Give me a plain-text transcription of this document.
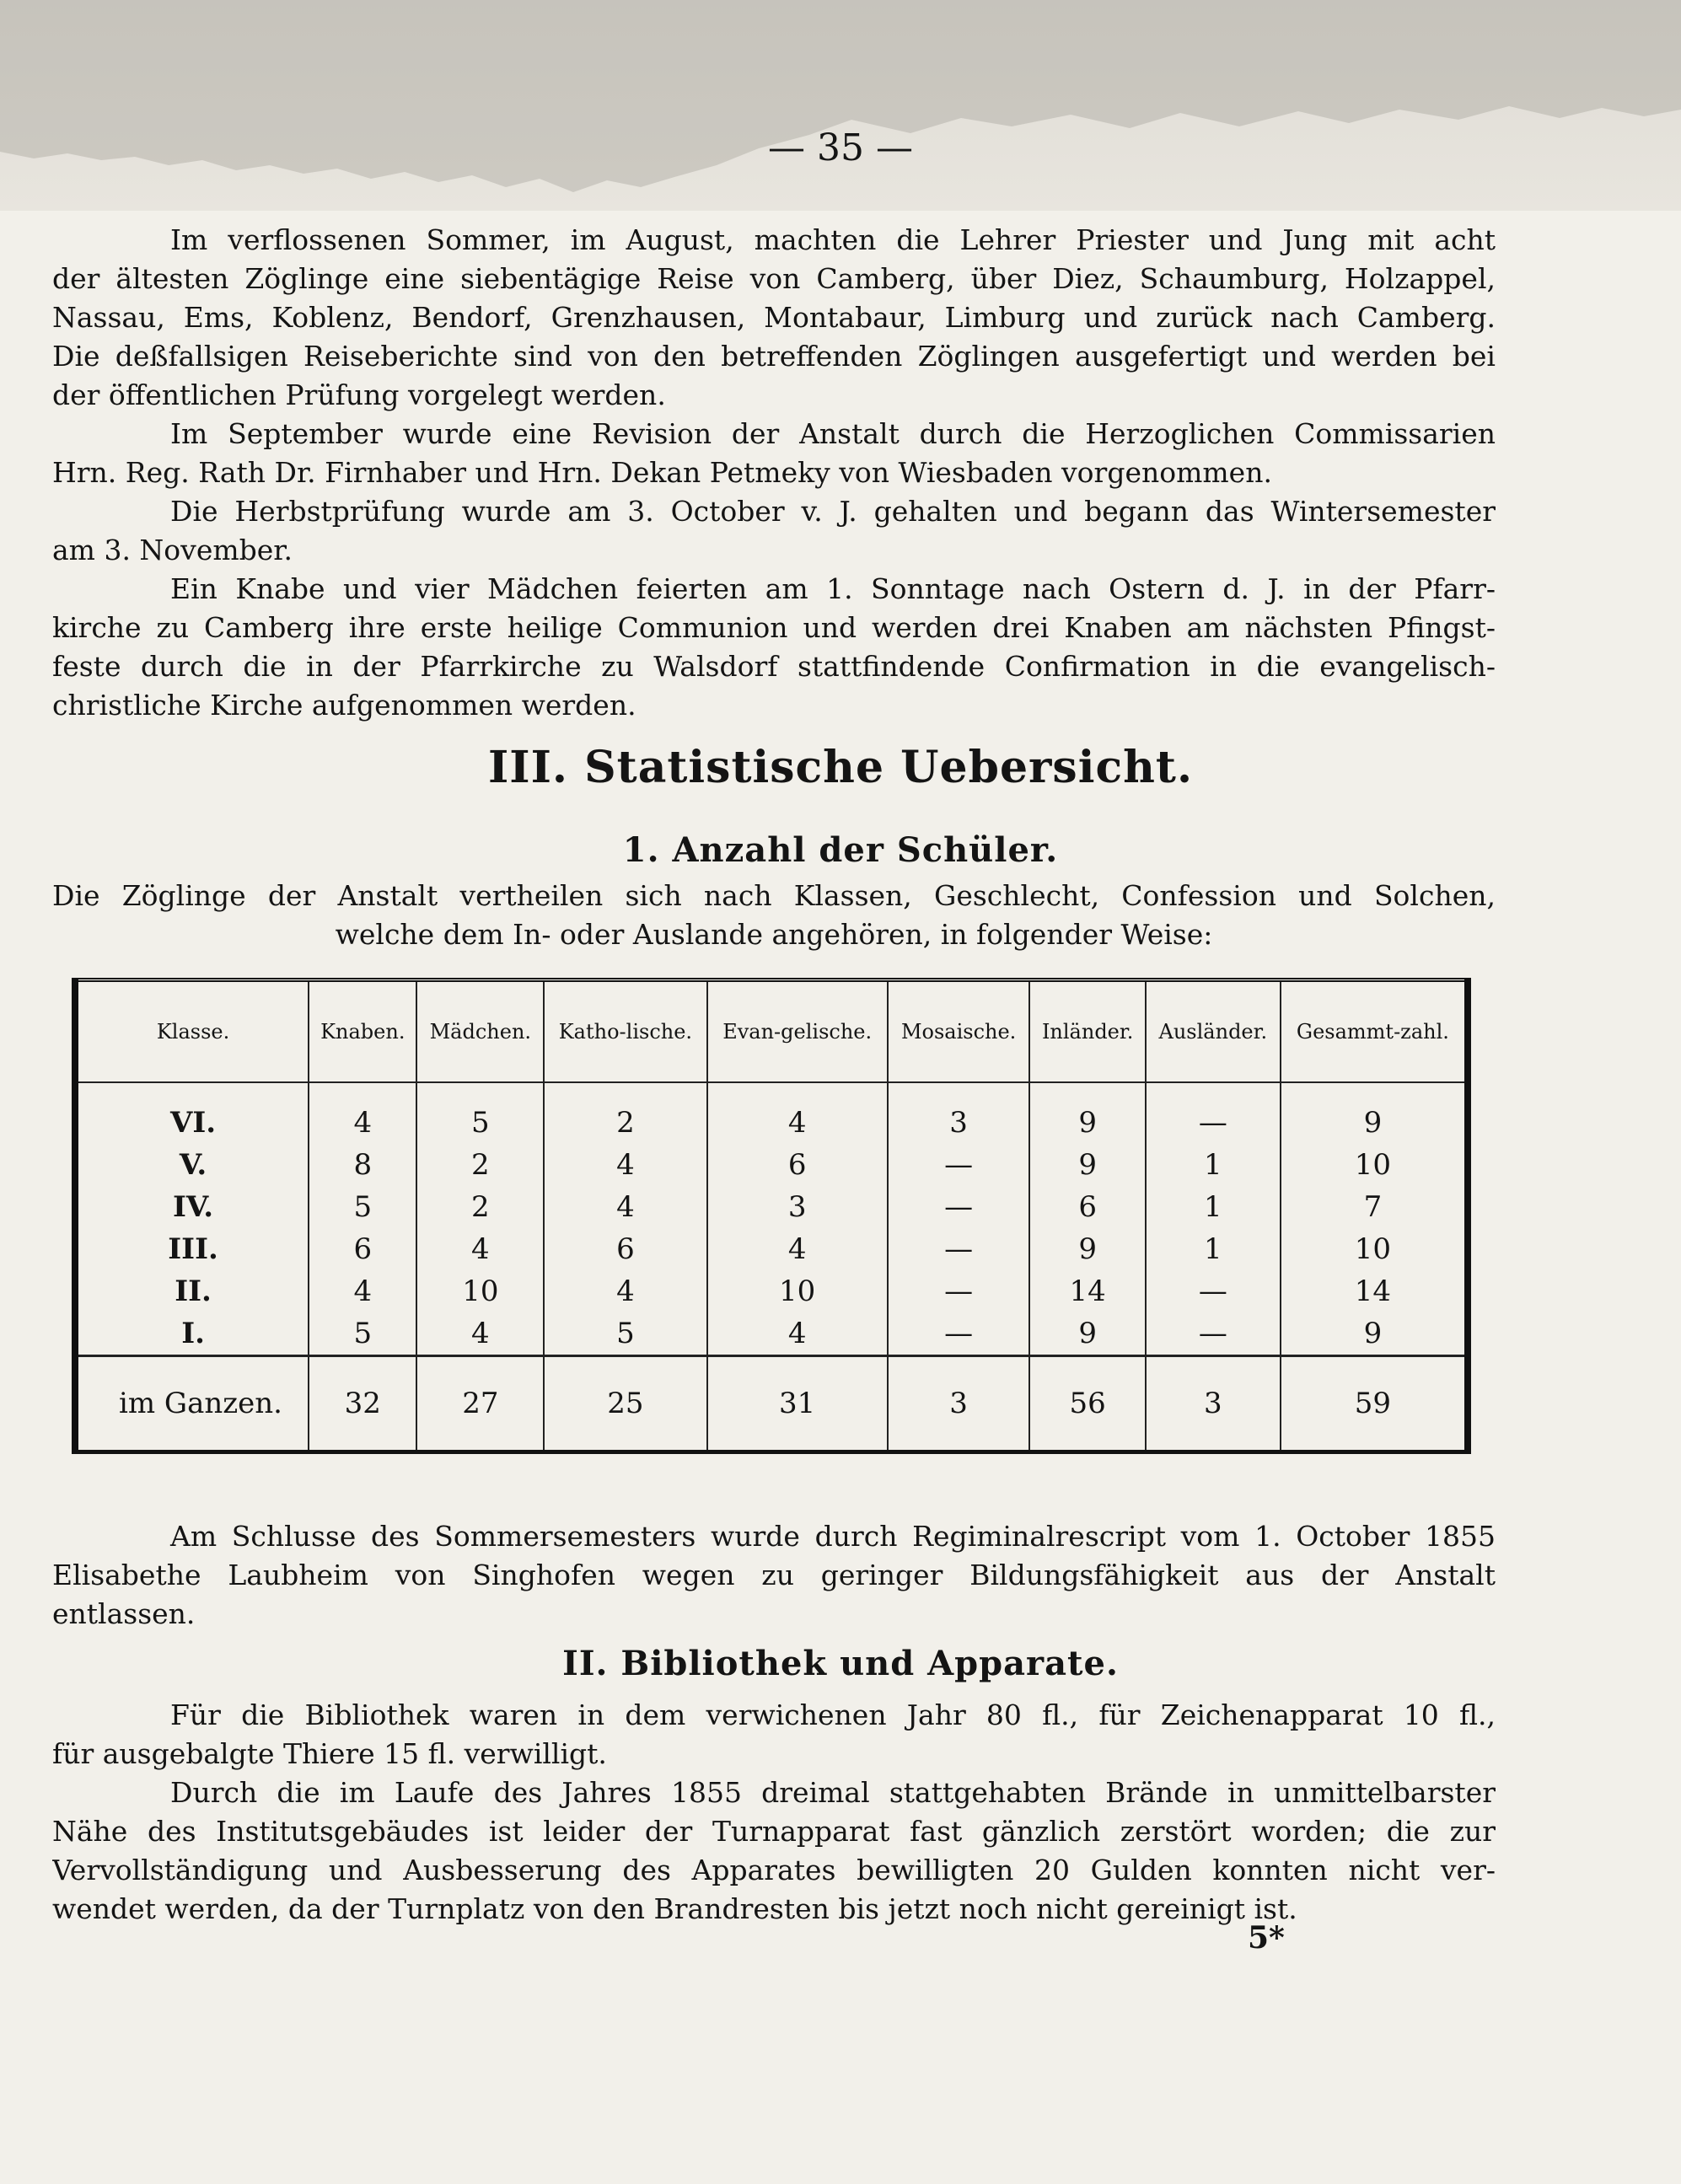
— 35 —
Im verflossenen Sommer, im August, machten die Lehrer Priester und Jung mit acht
der ältesten Zöglinge eine siebentägige Reise von Camberg, über Diez, Schaumburg, Holzappel,
Nassau, Ems, Koblenz, Bendorf, Grenzhausen, Montabaur, Limburg und zurück nach Camberg.
Die deßfallsigen Reiseberichte sind von den betreffenden Zöglingen ausgefertigt und werden bei
der öffentlichen Prüfung vorgelegt werden.
Im September wurde eine Revision der Anstalt durch die Herzoglichen Commissarien
Hrn. Reg. Rath Dr. Firnhaber und Hrn. Dekan Petmeky von Wiesbaden vorgenommen.
Die Herbstprüfung wurde am 3. October v. J. gehalten und begann das Wintersemester
am 3. November.
Ein Knabe und vier Mädchen feierten am 1. Sonntage nach Ostern d. J. in der Pfarr-
kirche zu Camberg ihre erste heilige Communion und werden drei Knaben am nächsten Pfingst-
feste durch die in der Pfarrkirche zu Walsdorf stattfindende Confirmation in die evangelisch-
christliche Kirche aufgenommen werden.
III. Statistische Uebersicht.
1. Anzahl der Schüler.
Die Zöglinge der Anstalt vertheilen sich nach Klassen, Geschlecht, Confession und Solchen,
welche dem In- oder Auslande angehören, in folgender Weise:
Klasse.	Knaben.	Mädchen.	Katho-lische.	Evan-gelische.	Mosaische.	Inländer.	Ausländer.	Gesammt-zahl.
VI.	4	5	2	4	3	9	—	9
V.	8	2	4	6	—	9	1	10
IV.	5	2	4	3	—	6	1	7
III.	6	4	6	4	—	9	1	10
II.	4	10	4	10	—	14	—	14
I.	5	4	5	4	—	9	—	9
im Ganzen.	32	27	25	31	3	56	3	59
Am Schlusse des Sommersemesters wurde durch Regiminalrescript vom 1. October 1855
Elisabethe Laubheim von Singhofen wegen zu geringer Bildungsfähigkeit aus der Anstalt
entlassen.
II. Bibliothek und Apparate.
Für die Bibliothek waren in dem verwichenen Jahr 80 fl., für Zeichenapparat 10 fl.,
für ausgebalgte Thiere 15 fl. verwilligt.
Durch die im Laufe des Jahres 1855 dreimal stattgehabten Brände in unmittelbarster
Nähe des Institutsgebäudes ist leider der Turnapparat fast gänzlich zerstört worden; die zur
Vervollständigung und Ausbesserung des Apparates bewilligten 20 Gulden konnten nicht ver-
wendet werden, da der Turnplatz von den Brandresten bis jetzt noch nicht gereinigt ist.
5*
